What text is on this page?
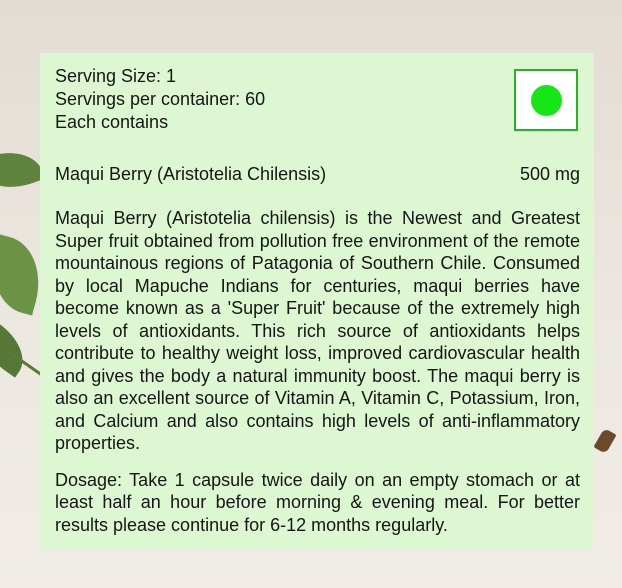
Serving Size: 1
Servings per container: 60
Each contains
Maqui Berry (Aristotelia Chilensis)	500 mg

Maqui Berry (Aristotelia chilensis) is the Newest and Greatest Super fruit obtained from pollution free environment of the remote mountainous regions of Patagonia of Southern Chile. Consumed by local Mapuche Indians for centuries, maqui berries have become known as a 'Super Fruit' because of the extremely high levels of antioxidants. This rich source of antioxidants helps contribute to healthy weight loss, improved cardiovascular health and gives the body a natural immunity boost. The maqui berry is also an excellent source of Vitamin A, Vitamin C, Potassium, Iron, and Calcium and also contains high levels of anti-inflammatory properties.

Dosage: Take 1 capsule twice daily on an empty stomach or at least half an hour before morning & evening meal. For better results please continue for 6-12 months regularly.
